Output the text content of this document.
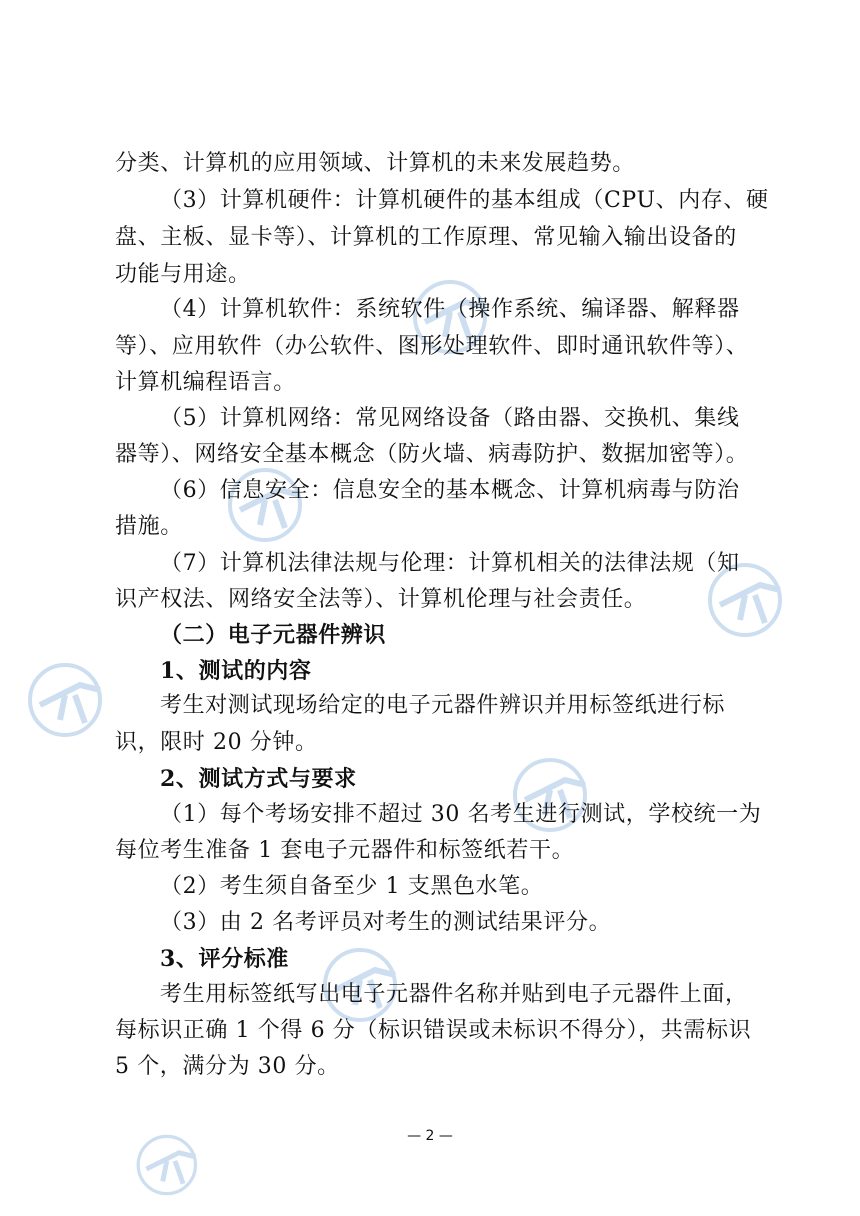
分类、计算机的应用领域、计算机的未来发展趋势。
（3）计算机硬件：计算机硬件的基本组成（CPU、内存、硬
盘、主板、显卡等）、计算机的工作原理、常见输入输出设备的
功能与用途。
（4）计算机软件：系统软件（操作系统、编译器、解释器
等）、应用软件（办公软件、图形处理软件、即时通讯软件等）、
计算机编程语言。
（5）计算机网络：常见网络设备（路由器、交换机、集线
器等）、网络安全基本概念（防火墙、病毒防护、数据加密等）。
（6）信息安全：信息安全的基本概念、计算机病毒与防治
措施。
（7）计算机法律法规与伦理：计算机相关的法律法规（知
识产权法、网络安全法等）、计算机伦理与社会责任。
（二）电子元器件辨识
1、测试的内容
考生对测试现场给定的电子元器件辨识并用标签纸进行标
识，限时 20 分钟。
2、测试方式与要求
（1）每个考场安排不超过 30 名考生进行测试，学校统一为
每位考生准备 1 套电子元器件和标签纸若干。
（2）考生须自备至少 1 支黑色水笔。
（3）由 2 名考评员对考生的测试结果评分。
3、评分标准
考生用标签纸写出电子元器件名称并贴到电子元器件上面，
每标识正确 1 个得 6 分（标识错误或未标识不得分），共需标识
5 个，满分为 30 分。
— 2 —
